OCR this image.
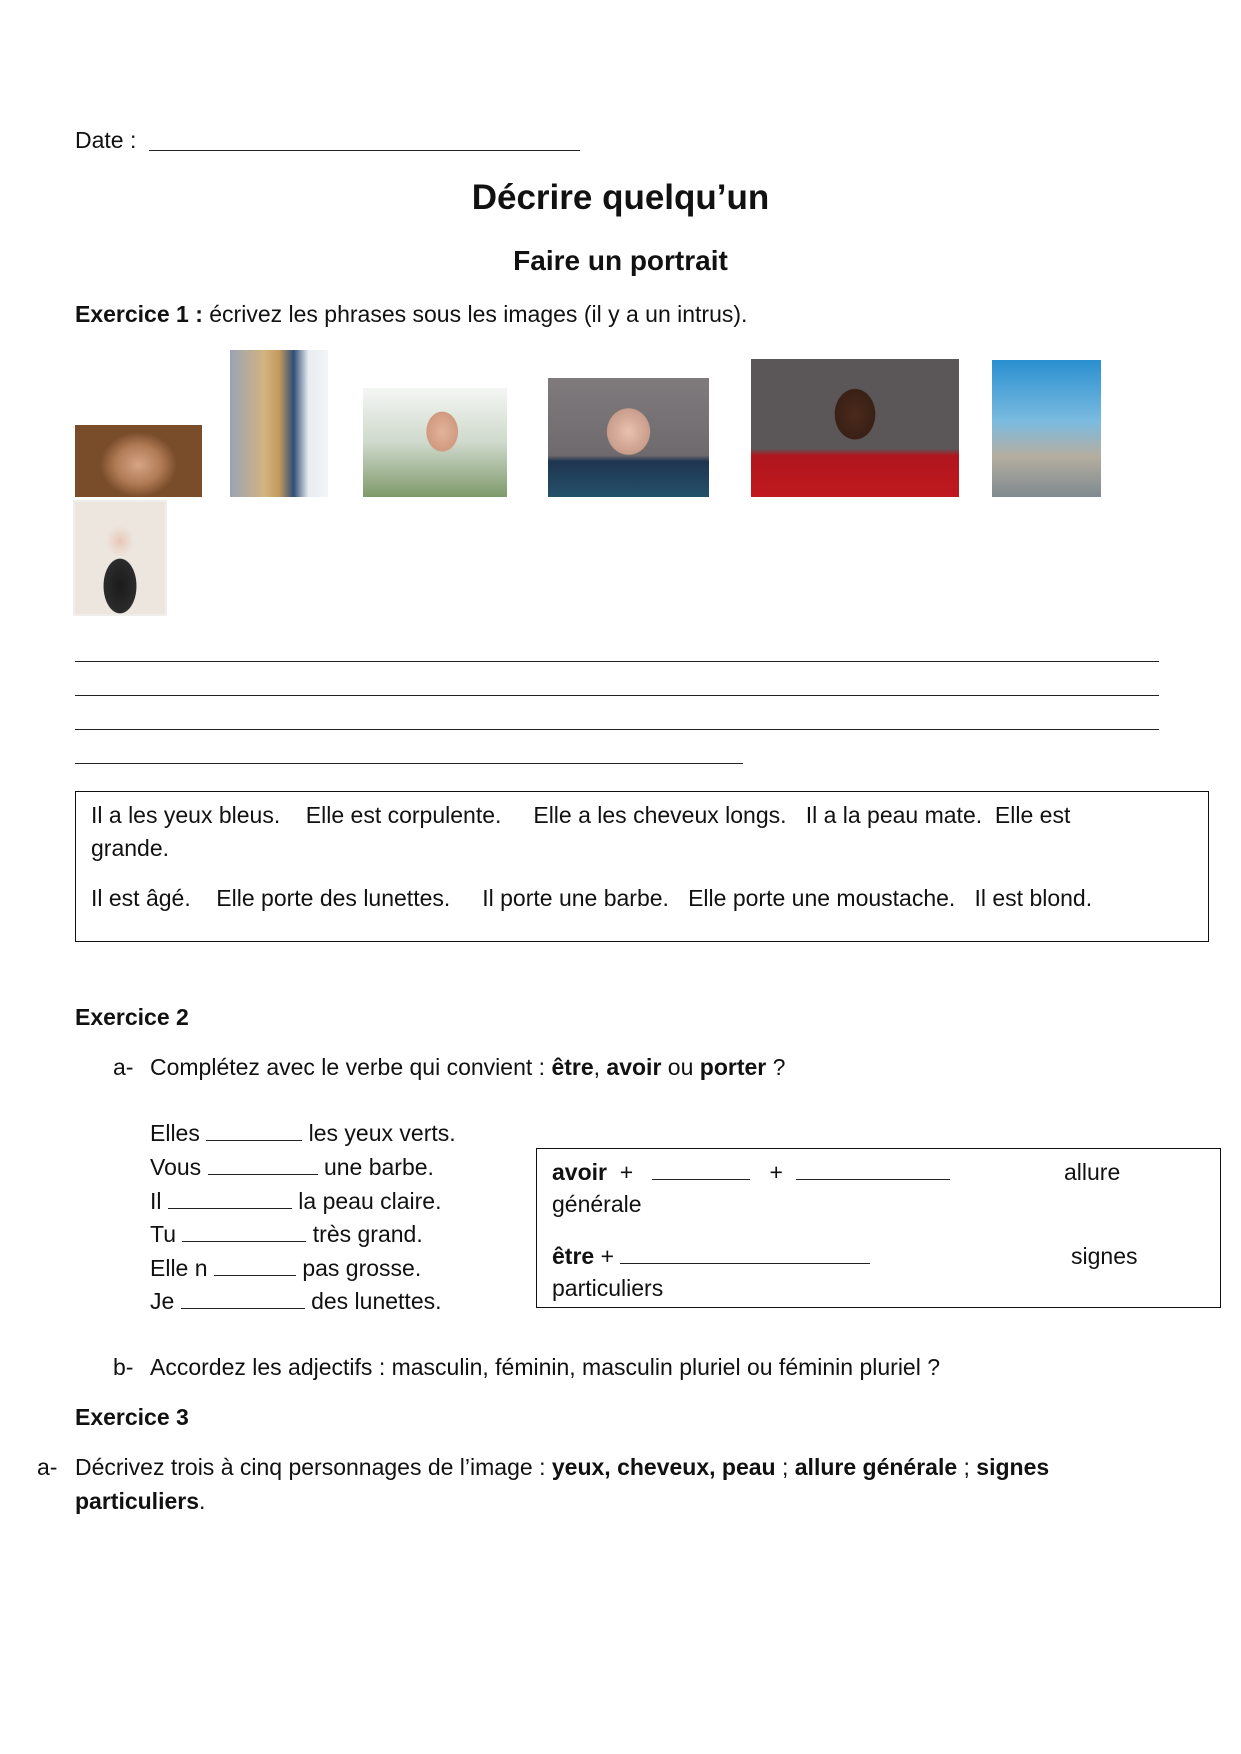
Date :
Décrire quelqu’un
Faire un portrait
Exercice 1 : écrivez les phrases sous les images (il y a un intrus).
Il a les yeux bleus. Elle est corpulente. Elle a les cheveux longs. Il a la peau mate. Elle est
grande.
Il est âgé. Elle porte des lunettes. Il porte une barbe. Elle porte une moustache. Il est blond.
Exercice 2
a- Complétez avec le verbe qui convient : être, avoir ou porter ?
Elles	les yeux verts.
Vous	une barbe.
Il	la peau claire.
Tu	très grand.
Elle n	pas grosse.
Je	des lunettes.
avoir +	+	allure
générale
être +	signes
particuliers
b- Accordez les adjectifs : masculin, féminin, masculin pluriel ou féminin pluriel ?
Exercice 3
a- Décrivez trois à cinq personnages de l’image : yeux, cheveux, peau ; allure générale ; signes
particuliers.
